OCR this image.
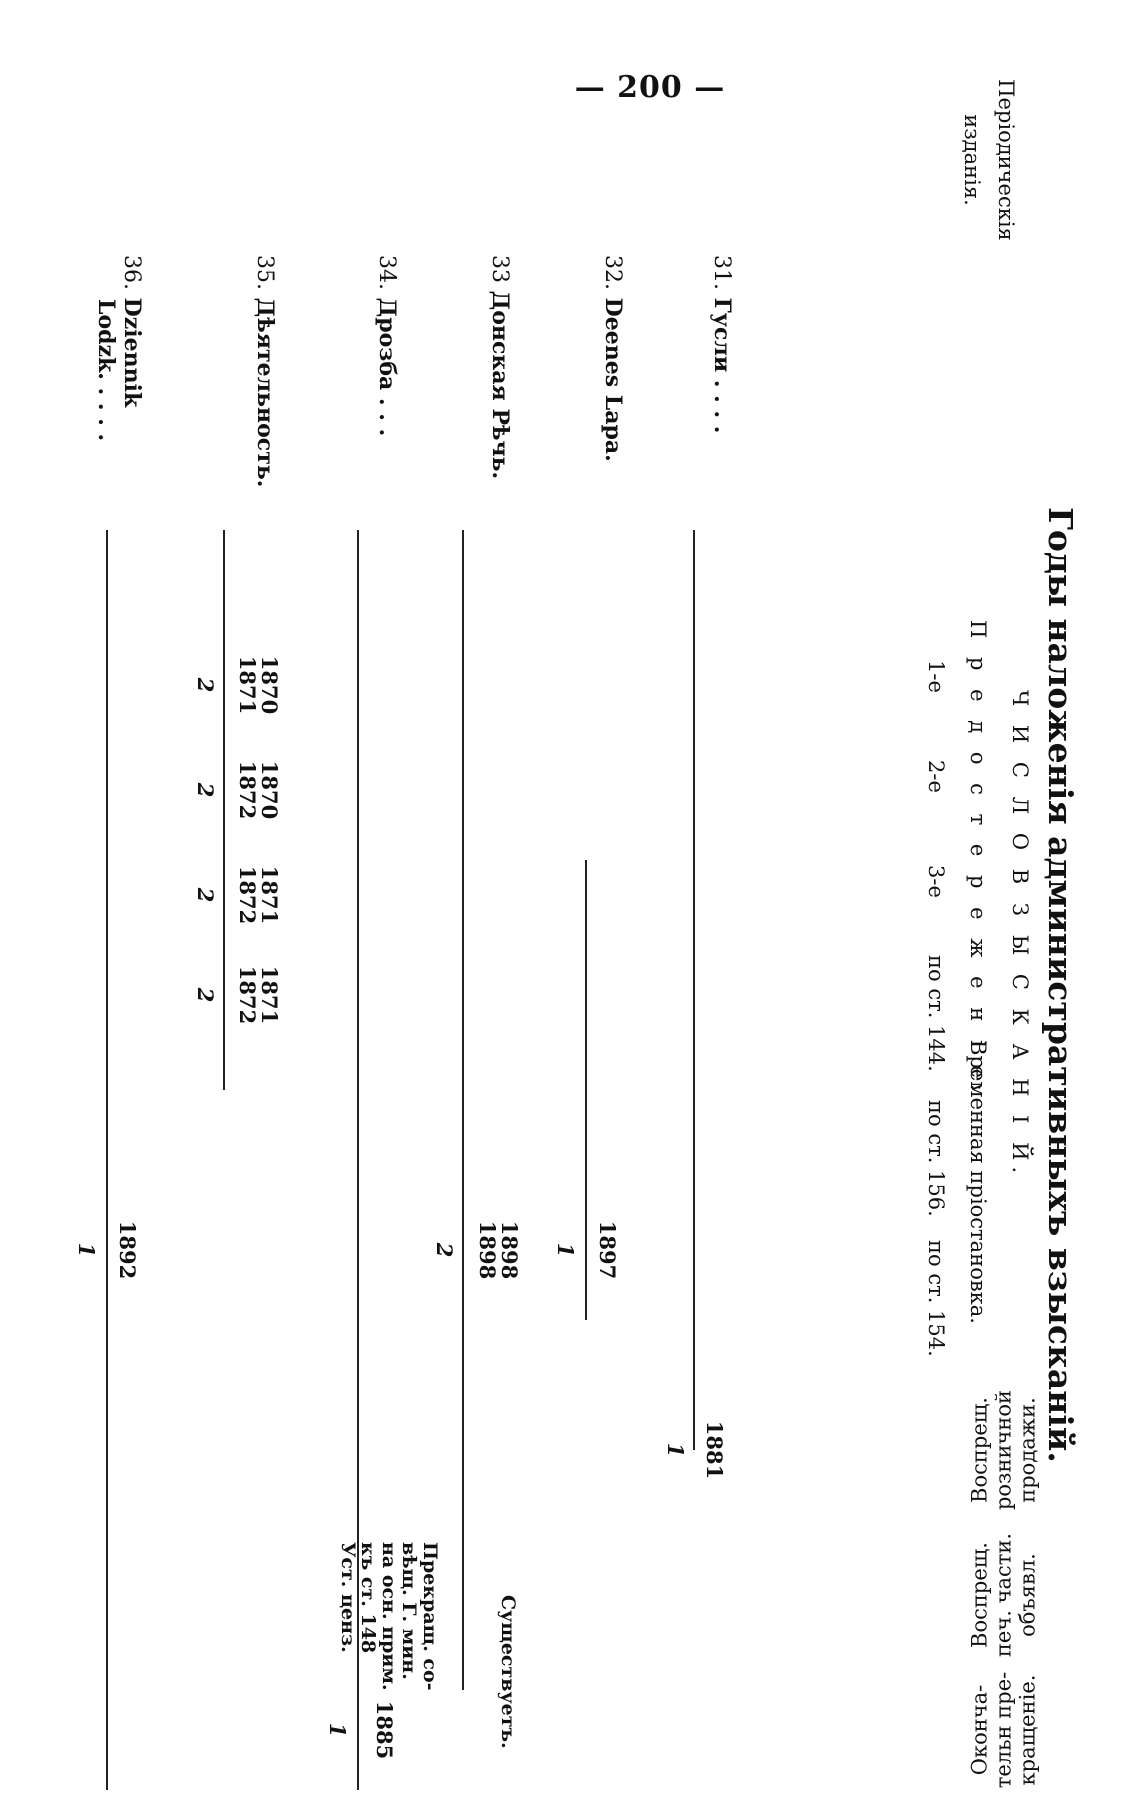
— 200 —
Годы наложенія административныхъ взысканій.
Періодическія
изданія.
Ч И С Л О В З Ы С К А Н І Й.
П р е д о с т е р е ж е н і е:
Временная пріостановка.
1-е
2-е
3-е
по ст. 144.
по ст. 156.
по ст. 154.
Воспрещ. розничной продажи.
Воспрещ. печ. части. объявл.
Оконча- тельн пре- кращеніе.
31. Гусли . . . .
1881
1
32. Deenes Lapa.
1897
1
33 Донская Рѣчь.
1898
1898
2
Существуетъ.
34. Дрозба . . .
1885
1
Прекращ. со-
вѣщ. Г. мин.
на осн. прим.
къ ст. 148
Уст. ценз.
35. Дѣятельность.
1870
1871
1870
1872
1871
1872
1871
1872
2
2
2
2
36. Dziennik
Lodzk. . . . .
1892
1
